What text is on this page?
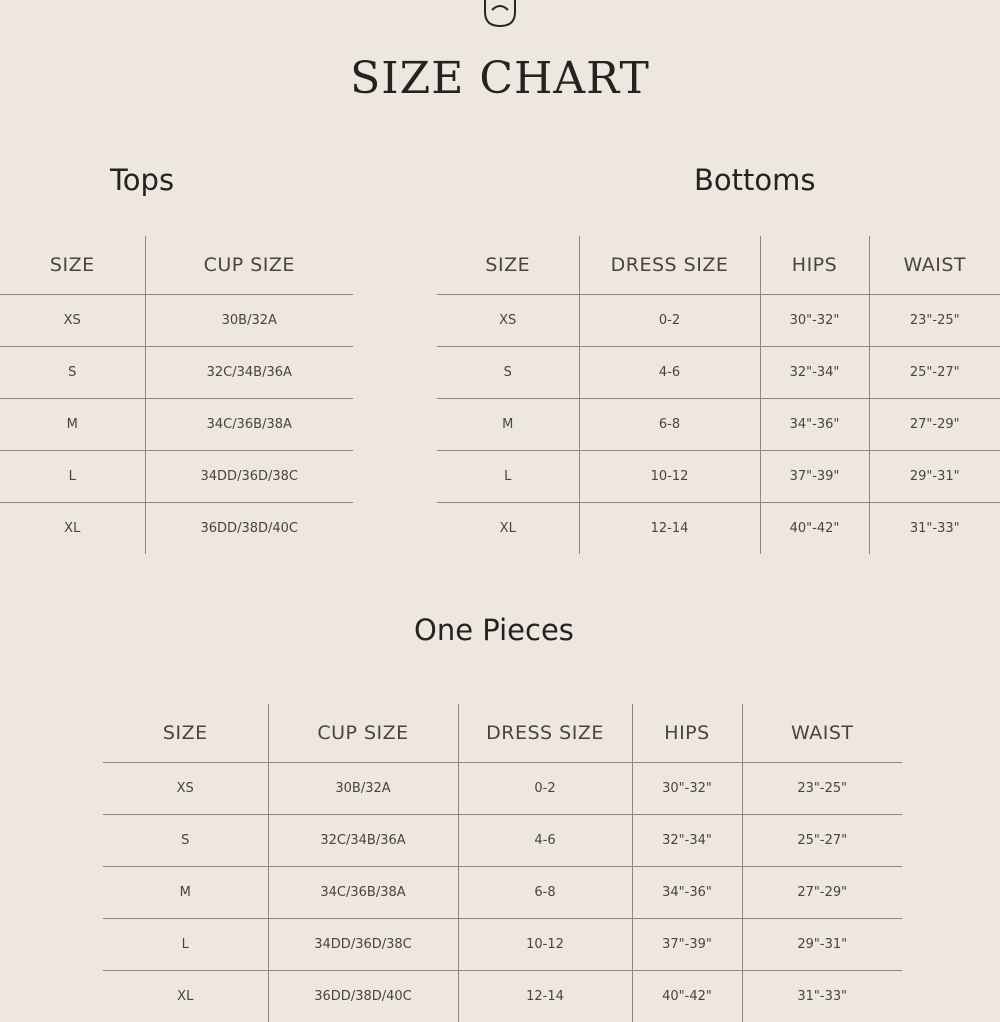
SIZE CHART
Tops	Bottoms
One Pieces
SIZE	CUP SIZE
XS	30B/32A
S	32C/34B/36A
M	34C/36B/38A
L	34DD/36D/38C
XL	36DD/38D/40C
SIZE	DRESS SIZE	HIPS	WAIST
XS	0-2	30"-32"	23"-25"
S	4-6	32"-34"	25"-27"
M	6-8	34"-36"	27"-29"
L	10-12	37"-39"	29"-31"
XL	12-14	40"-42"	31"-33"
SIZE	CUP SIZE	DRESS SIZE	HIPS	WAIST
XS	30B/32A	0-2	30"-32"	23"-25"
S	32C/34B/36A	4-6	32"-34"	25"-27"
M	34C/36B/38A	6-8	34"-36"	27"-29"
L	34DD/36D/38C	10-12	37"-39"	29"-31"
XL	36DD/38D/40C	12-14	40"-42"	31"-33"
